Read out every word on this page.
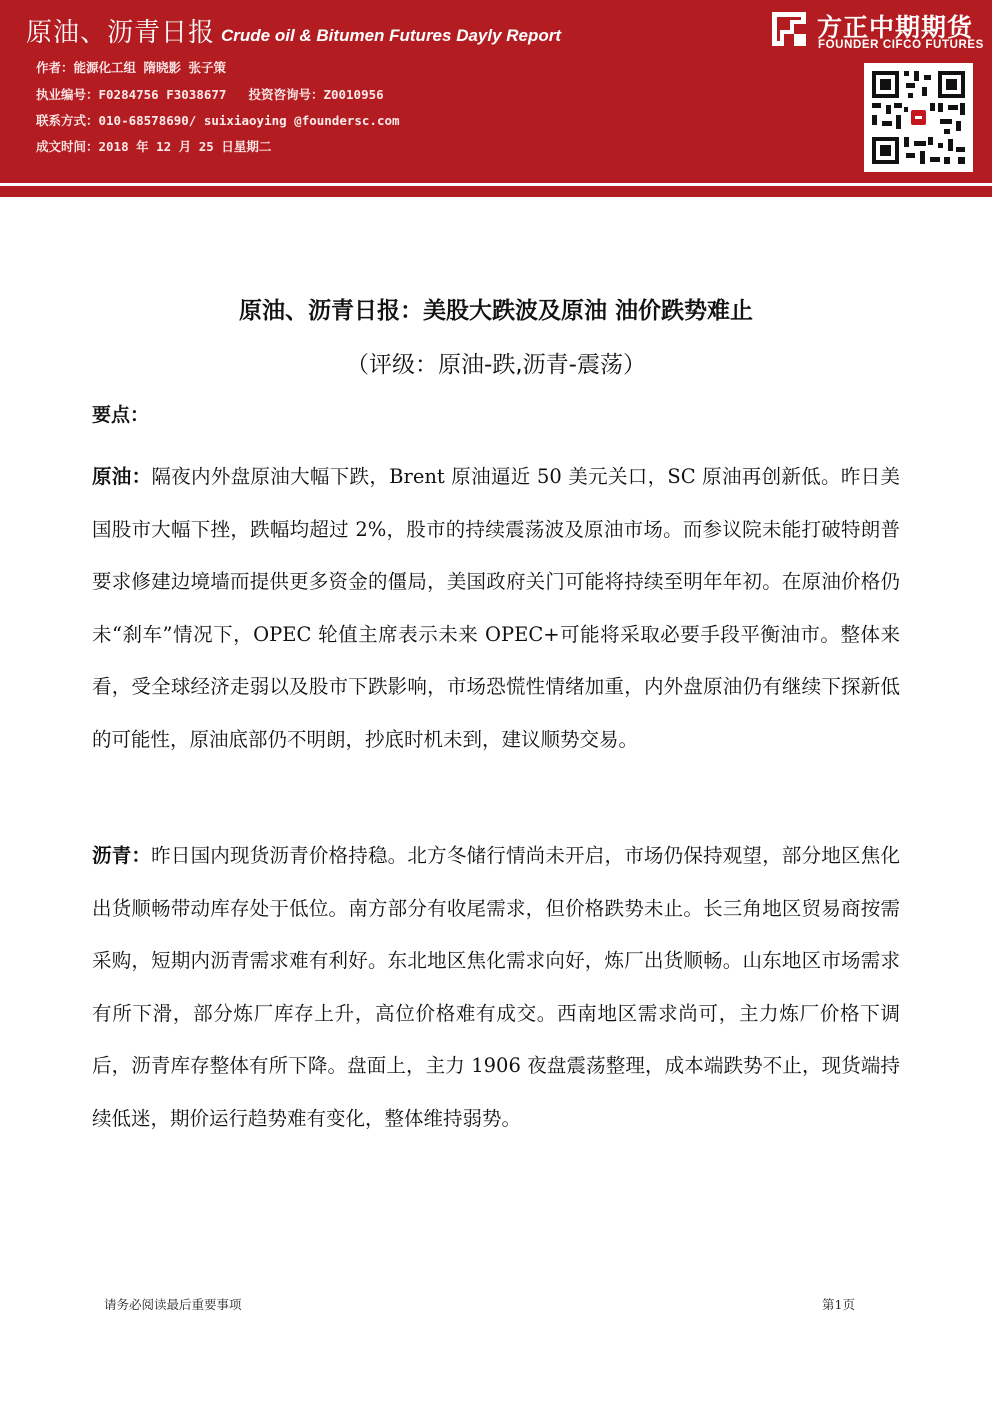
原油、沥青日报 Crude oil & Bitumen Futures Dayly Report
作者：能源化工组 隋晓影 张子策
执业编号：F0284756 F3038677 投资咨询号：Z0010956
联系方式：010-68578690/ suixiaoying @foundersc.com
成文时间：2018 年 12 月 25 日星期二
方正中期期货
FOUNDER CIFCO FUTURES
原油、沥青日报：美股大跌波及原油 油价跌势难止
（评级：原油-跌,沥青-震荡）
要点：
原油：隔夜内外盘原油大幅下跌，Brent 原油逼近 50 美元关口，SC 原油再创新低。昨日美国股市大幅下挫，跌幅均超过 2%，股市的持续震荡波及原油市场。而参议院未能打破特朗普要求修建边境墙而提供更多资金的僵局，美国政府关门可能将持续至明年年初。在原油价格仍未“刹车”情况下，OPEC 轮值主席表示未来 OPEC+可能将采取必要手段平衡油市。整体来看，受全球经济走弱以及股市下跌影响，市场恐慌性情绪加重，内外盘原油仍有继续下探新低的可能性，原油底部仍不明朗，抄底时机未到，建议顺势交易。
沥青：昨日国内现货沥青价格持稳。北方冬储行情尚未开启，市场仍保持观望，部分地区焦化出货顺畅带动库存处于低位。南方部分有收尾需求，但价格跌势未止。长三角地区贸易商按需采购，短期内沥青需求难有利好。东北地区焦化需求向好，炼厂出货顺畅。山东地区市场需求有所下滑，部分炼厂库存上升，高位价格难有成交。西南地区需求尚可，主力炼厂价格下调后，沥青库存整体有所下降。盘面上，主力 1906 夜盘震荡整理，成本端跌势不止，现货端持续低迷，期价运行趋势难有变化，整体维持弱势。
请务必阅读最后重要事项	第1页
